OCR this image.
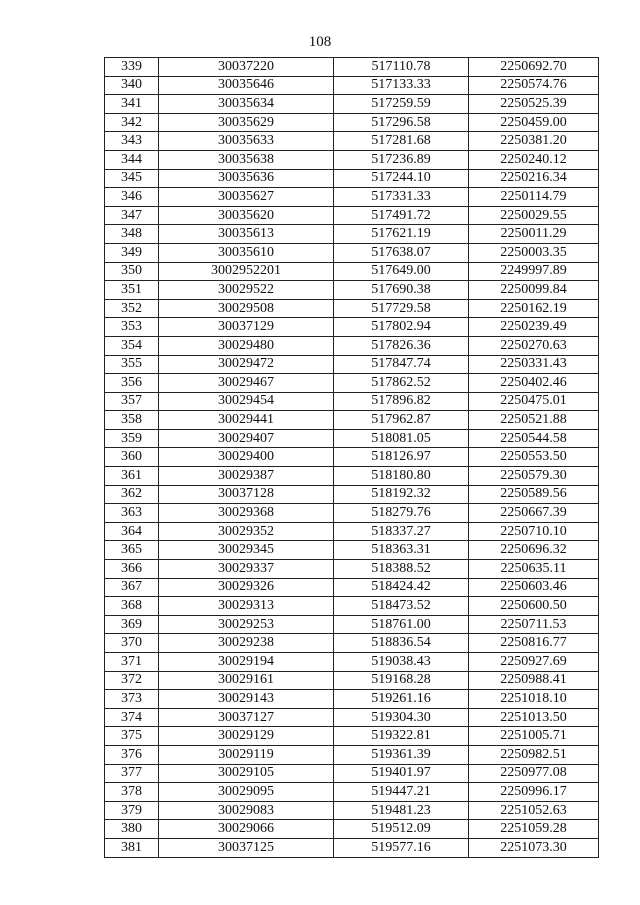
108
339	30037220	517110.78	2250692.70
340	30035646	517133.33	2250574.76
341	30035634	517259.59	2250525.39
342	30035629	517296.58	2250459.00
343	30035633	517281.68	2250381.20
344	30035638	517236.89	2250240.12
345	30035636	517244.10	2250216.34
346	30035627	517331.33	2250114.79
347	30035620	517491.72	2250029.55
348	30035613	517621.19	2250011.29
349	30035610	517638.07	2250003.35
350	3002952201	517649.00	2249997.89
351	30029522	517690.38	2250099.84
352	30029508	517729.58	2250162.19
353	30037129	517802.94	2250239.49
354	30029480	517826.36	2250270.63
355	30029472	517847.74	2250331.43
356	30029467	517862.52	2250402.46
357	30029454	517896.82	2250475.01
358	30029441	517962.87	2250521.88
359	30029407	518081.05	2250544.58
360	30029400	518126.97	2250553.50
361	30029387	518180.80	2250579.30
362	30037128	518192.32	2250589.56
363	30029368	518279.76	2250667.39
364	30029352	518337.27	2250710.10
365	30029345	518363.31	2250696.32
366	30029337	518388.52	2250635.11
367	30029326	518424.42	2250603.46
368	30029313	518473.52	2250600.50
369	30029253	518761.00	2250711.53
370	30029238	518836.54	2250816.77
371	30029194	519038.43	2250927.69
372	30029161	519168.28	2250988.41
373	30029143	519261.16	2251018.10
374	30037127	519304.30	2251013.50
375	30029129	519322.81	2251005.71
376	30029119	519361.39	2250982.51
377	30029105	519401.97	2250977.08
378	30029095	519447.21	2250996.17
379	30029083	519481.23	2251052.63
380	30029066	519512.09	2251059.28
381	30037125	519577.16	2251073.30
